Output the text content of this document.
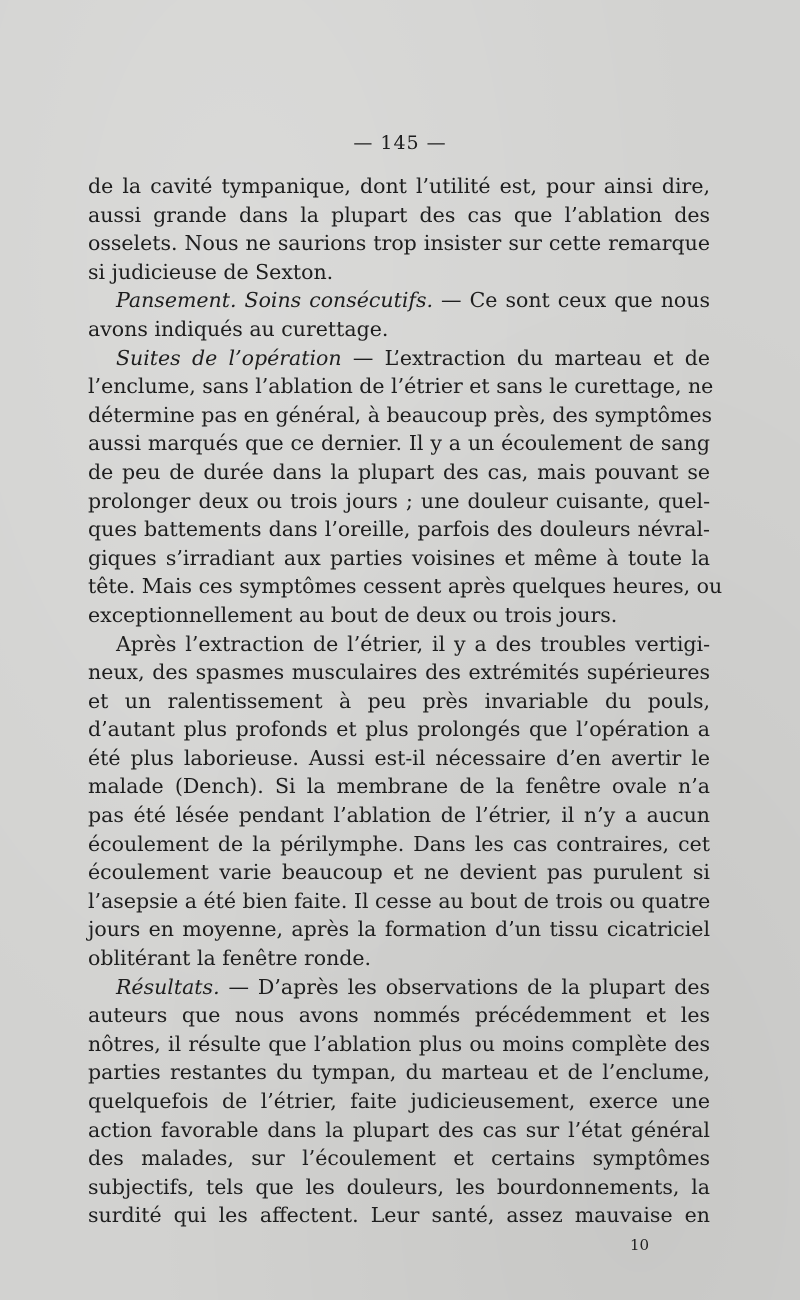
— 145 —
de la cavité tympanique, dont l’utilité est, pour ainsi dire,
aussi grande dans la plupart des cas que l’ablation des
osselets. Nous ne saurions trop insister sur cette remarque
si judicieuse de Sexton.
Pansement. Soins consécutifs. — Ce sont ceux que nous
avons indiqués au curettage.
Suites de l’opération — L’extraction du marteau et de
l’enclume, sans l’ablation de l’étrier et sans le curettage, ne
détermine pas en général, à beaucoup près, des symptômes
aussi marqués que ce dernier. Il y a un écoulement de sang
de peu de durée dans la plupart des cas, mais pouvant se
prolonger deux ou trois jours ; une douleur cuisante, quel-
ques battements dans l’oreille, parfois des douleurs névral-
giques s’irradiant aux parties voisines et même à toute la
tête. Mais ces symptômes cessent après quelques heures, ou
exceptionnellement au bout de deux ou trois jours.
Après l’extraction de l’étrier, il y a des troubles vertigi-
neux, des spasmes musculaires des extrémités supérieures
et un ralentissement à peu près invariable du pouls,
d’autant plus profonds et plus prolongés que l’opération a
été plus laborieuse. Aussi est-il nécessaire d’en avertir le
malade (Dench). Si la membrane de la fenêtre ovale n’a
pas été lésée pendant l’ablation de l’étrier, il n’y a aucun
écoulement de la périlymphe. Dans les cas contraires, cet
écoulement varie beaucoup et ne devient pas purulent si
l’asepsie a été bien faite. Il cesse au bout de trois ou quatre
jours en moyenne, après la formation d’un tissu cicatriciel
oblitérant la fenêtre ronde.
Résultats. — D’après les observations de la plupart des
auteurs que nous avons nommés précédemment et les
nôtres, il résulte que l’ablation plus ou moins complète des
parties restantes du tympan, du marteau et de l’enclume,
quelquefois de l’étrier, faite judicieusement, exerce une
action favorable dans la plupart des cas sur l’état général
des malades, sur l’écoulement et certains symptômes
subjectifs, tels que les douleurs, les bourdonnements, la
surdité qui les affectent. Leur santé, assez mauvaise en
10
